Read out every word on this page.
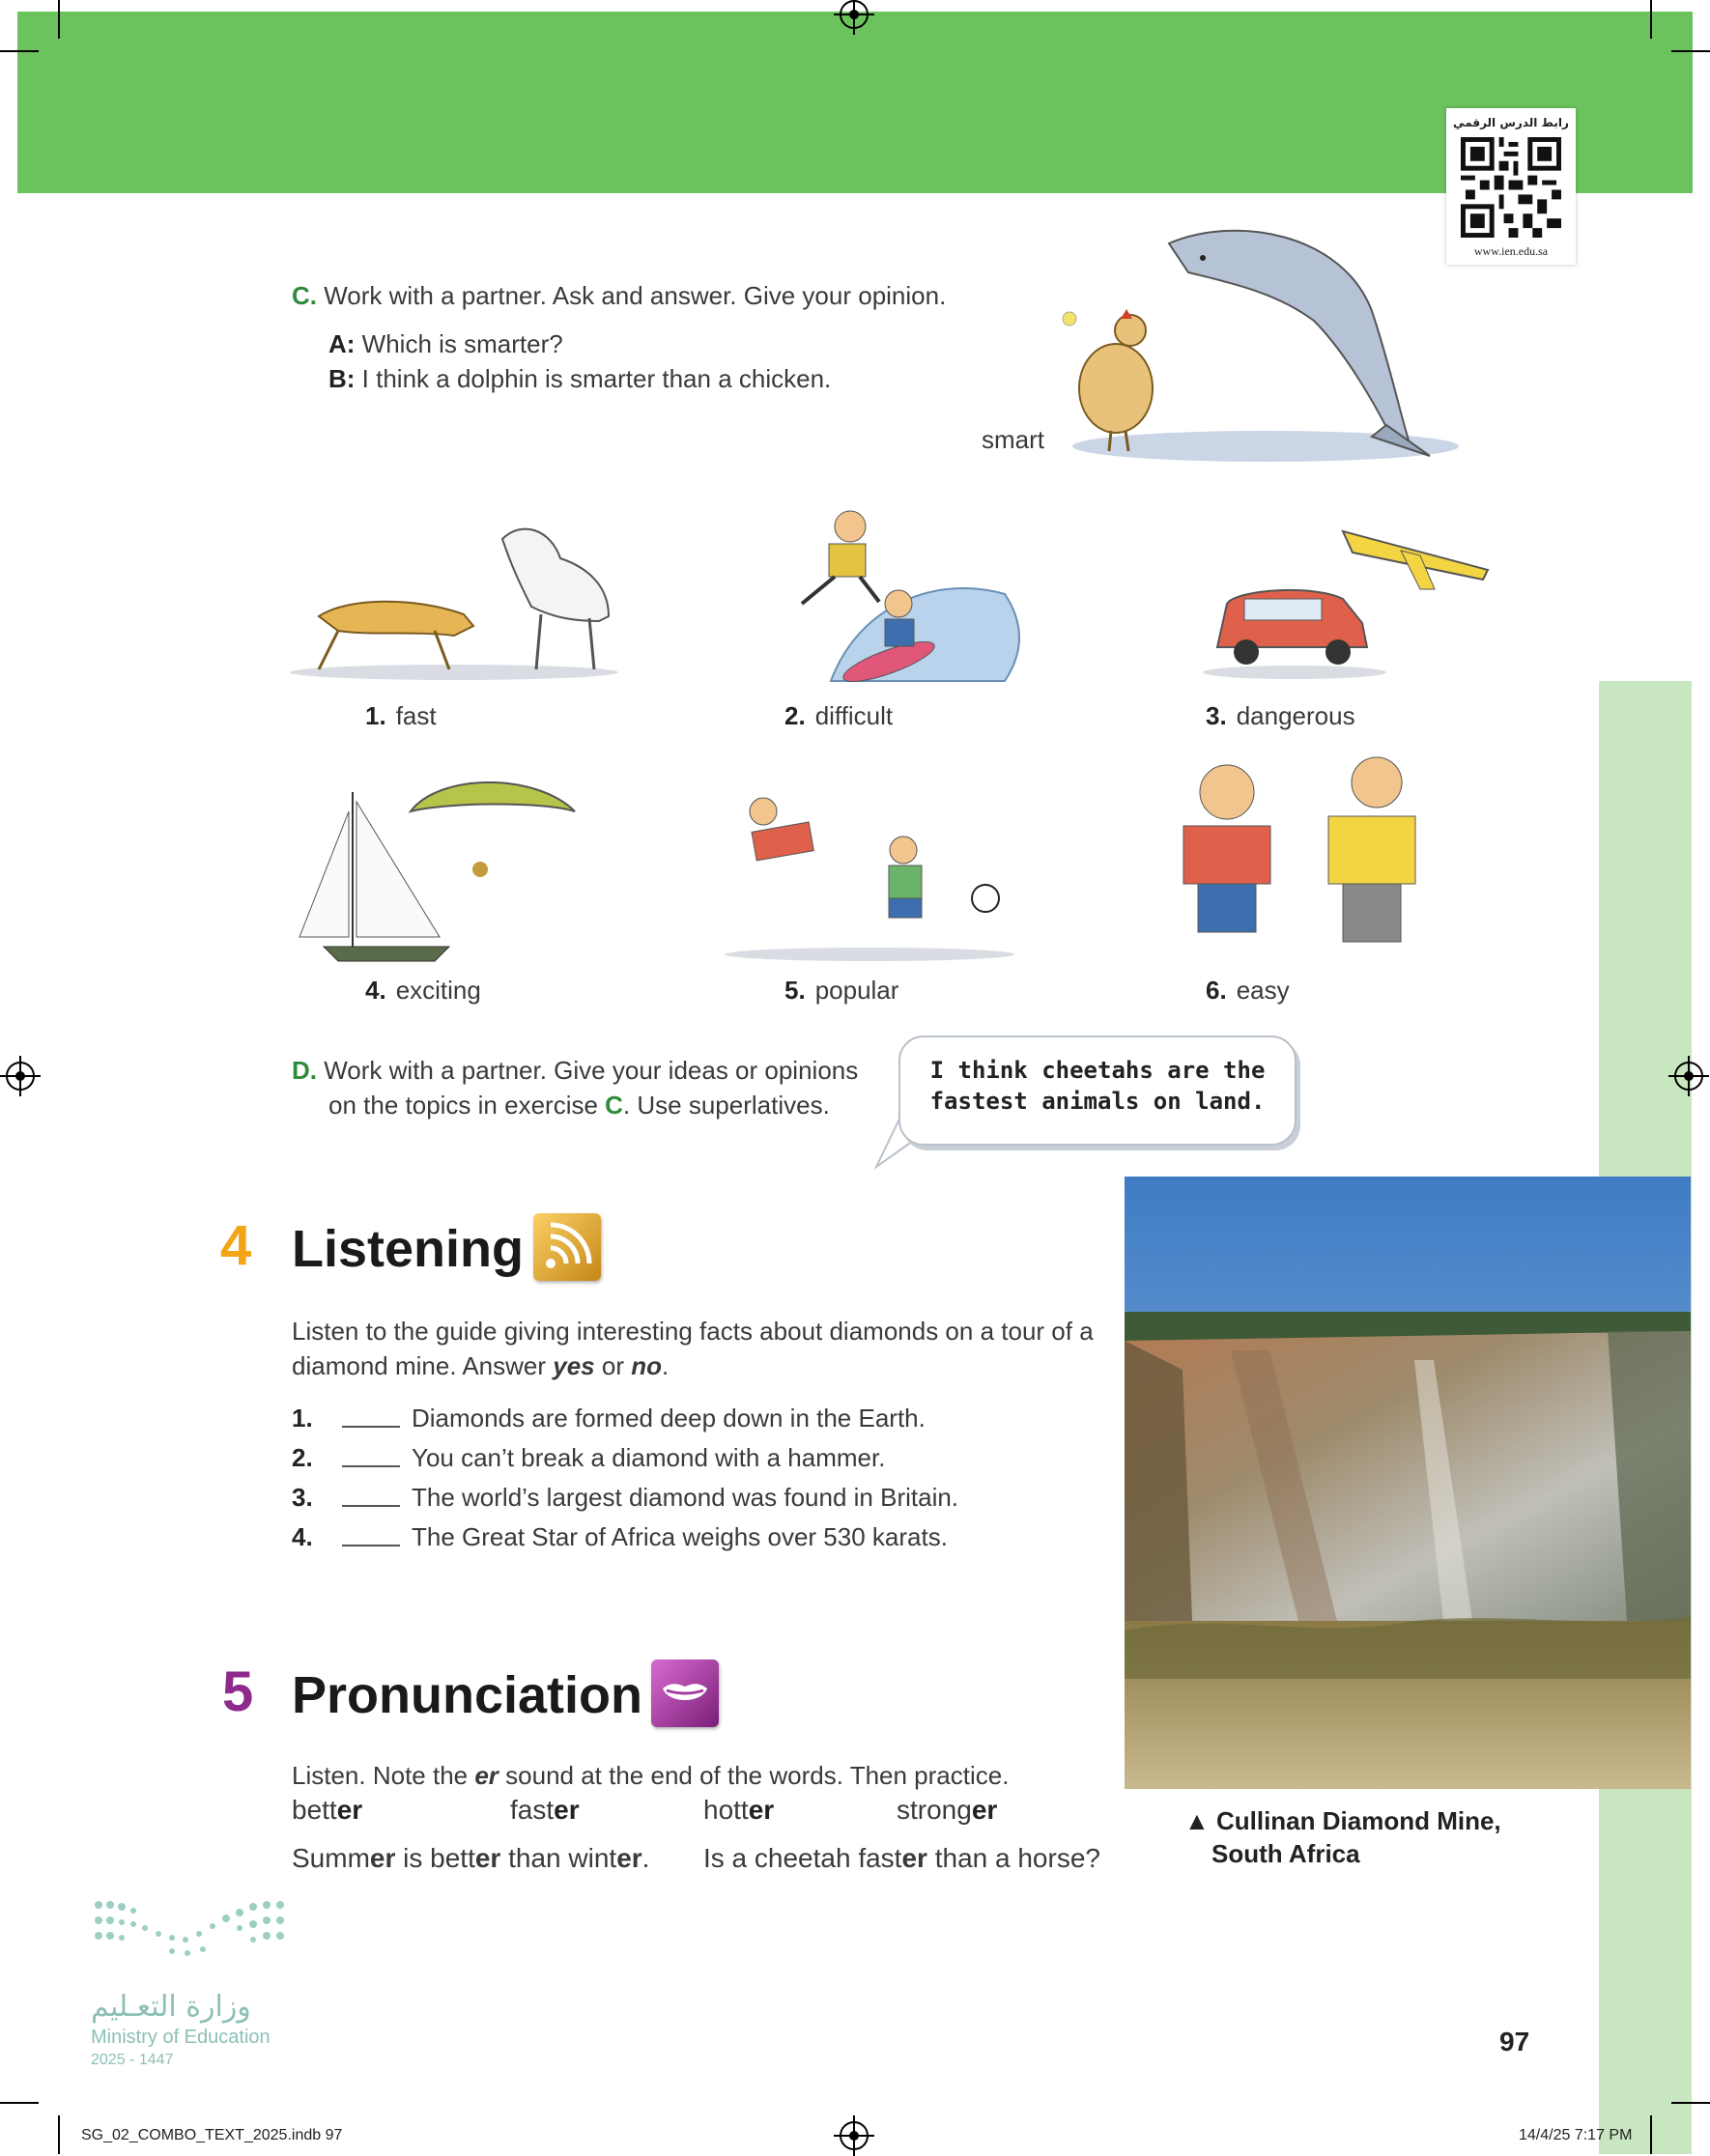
رابط الدرس الرقمي
www.ien.edu.sa
C. Work with a partner. Ask and answer. Give your opinion.
A: Which is smarter?
B: I think a dolphin is smarter than a chicken.
smart
1. fast	2. difficult	3. dangerous
4. exciting	5. popular	6. easy
D. Work with a partner. Give your ideas or opinions
on the topics in exercise C. Use superlatives.
I think cheetahs are the
fastest animals on land.
4 Listening
Listen to the guide giving interesting facts about diamonds on a tour of a
diamond mine. Answer yes or no.
1.	Diamonds are formed deep down in the Earth.
2.	You can’t break a diamond with a hammer.
3.	The world’s largest diamond was found in Britain.
4.	The Great Star of Africa weighs over 530 karats.
▲ Cullinan Diamond Mine,
South Africa
5 Pronunciation
Listen. Note the er sound at the end of the words. Then practice.
better	faster	hotter	stronger
Summer is better than winter. Is a cheetah faster than a horse?
وزارة التعـليم
Ministry of Education
2025 - 1447
97
SG_02_COMBO_TEXT_2025.indb 97	14/4/25 7:17 PM
